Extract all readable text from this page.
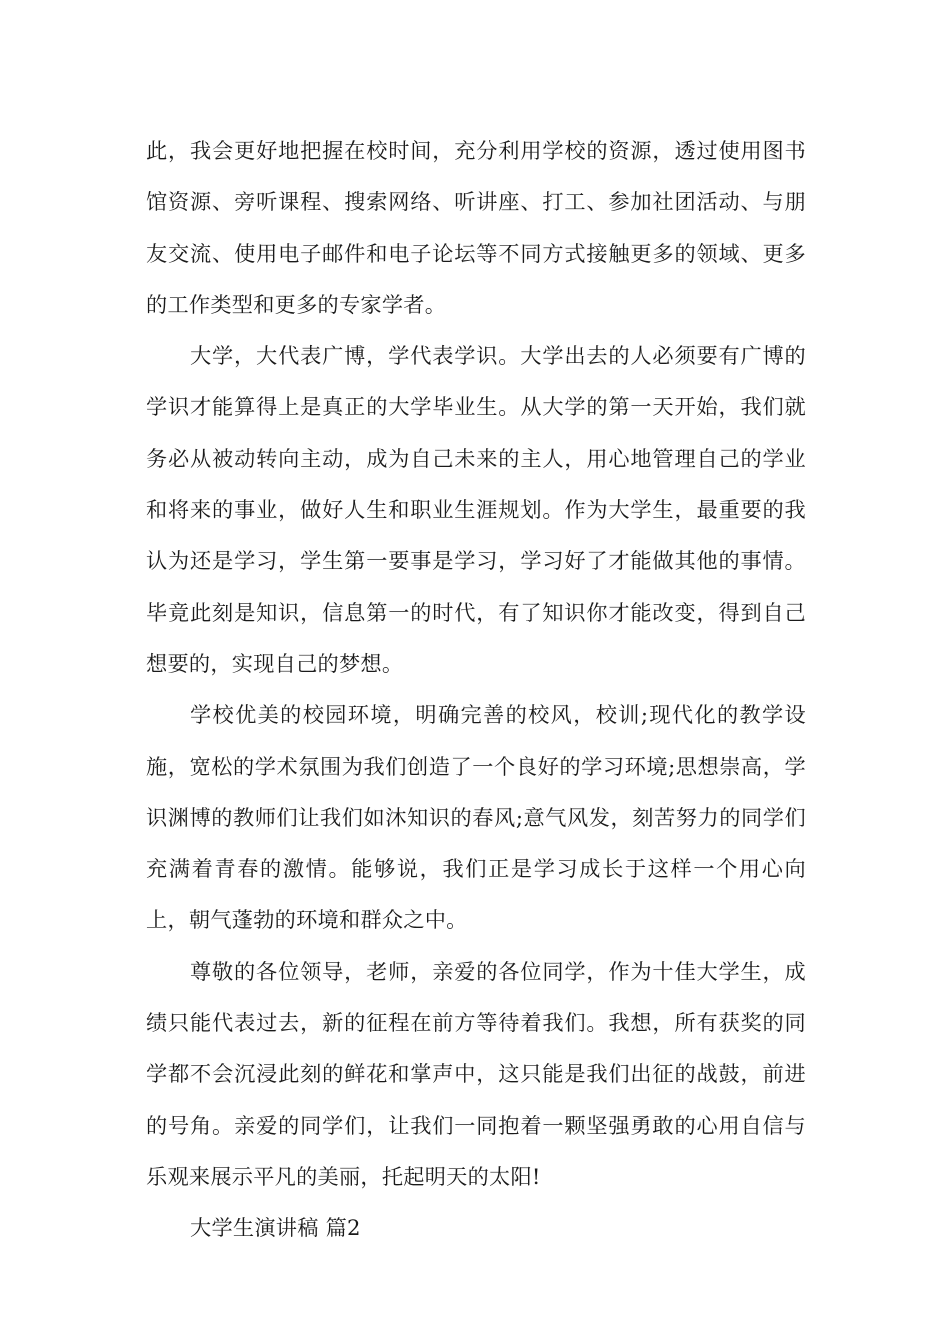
此，我会更好地把握在校时间，充分利用学校的资源，透过使用图书馆资源、旁听课程、搜索网络、听讲座、打工、参加社团活动、与朋友交流、使用电子邮件和电子论坛等不同方式接触更多的领域、更多的工作类型和更多的专家学者。

大学，大代表广博，学代表学识。大学出去的人必须要有广博的学识才能算得上是真正的大学毕业生。从大学的第一天开始，我们就务必从被动转向主动，成为自己未来的主人，用心地管理自己的学业和将来的事业，做好人生和职业生涯规划。作为大学生，最重要的我认为还是学习，学生第一要事是学习，学习好了才能做其他的事情。毕竟此刻是知识，信息第一的时代，有了知识你才能改变，得到自己想要的，实现自己的梦想。

学校优美的校园环境，明确完善的校风，校训;现代化的教学设施，宽松的学术氛围为我们创造了一个良好的学习环境;思想崇高，学识渊博的教师们让我们如沐知识的春风;意气风发，刻苦努力的同学们充满着青春的激情。能够说，我们正是学习成长于这样一个用心向上，朝气蓬勃的环境和群众之中。

尊敬的各位领导，老师，亲爱的各位同学，作为十佳大学生，成绩只能代表过去，新的征程在前方等待着我们。我想，所有获奖的同学都不会沉浸此刻的鲜花和掌声中，这只能是我们出征的战鼓，前进的号角。亲爱的同学们，让我们一同抱着一颗坚强勇敢的心用自信与乐观来展示平凡的美丽，托起明天的太阳!

大学生演讲稿 篇2
